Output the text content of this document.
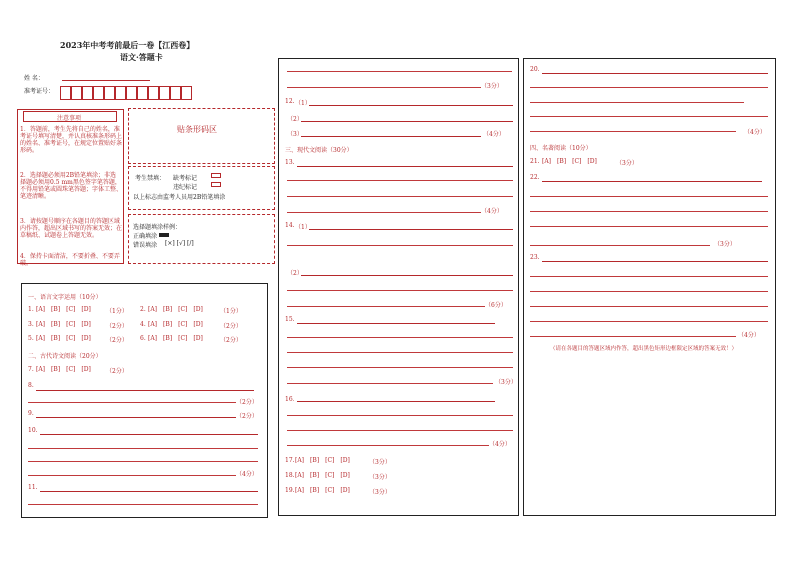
2023年中考考前最后一卷【江西卷】
语文·答题卡
姓 名：
准考证号：
注意事项
1．答题前，考生先将自己的姓名，准考证号填写清楚，并认真核准条形码上的姓名、准考证号，在规定位置贴好条形码。
2．选择题必须用2B铅笔填涂；非选择题必须用0.5 mm黑色签字笔答题，不得用铅笔或圆珠笔答题；字体工整、笔迹清晰。
3．请按题号顺序在各题目的答题区域内作答，超出区域书写的答案无效；在草稿纸、试题卷上答题无效。
4．保持卡面清洁，不要折叠、不要弄破。
贴条形码区
考生禁填： 缺考标记
违纪标记
以上标志由监考人员用2B铅笔填涂
选择题填涂样例：
正确填涂
错误填涂 [×] [√] [/]
一、语言文字运用（10分）
1. [A] [B] [C] [D]	（1分） 2. [A] [B] [C] [D]	（1分）
3. [A] [B] [C] [D]	（2分） 4. [A] [B] [C] [D]	（2分）
5. [A] [B] [C] [D]	（2分） 6. [A] [B] [C] [D]	（2分）
二、古代诗文阅读（20分）
7. [A] [B] [C] [D]	（2分）
8.
（2分）
9.	（2分）
10.
（4分）
11.
（3分）
12. （1）
（2）
（3）	（4分）
三、现代文阅读（30分）
13.
（4分）
14. （1）
（2）
（6分）
15.
（3分）
16．
（4分）
17. [A] [B] [C] [D]	（3分）
18. [A] [B] [C] [D]	（3分）
19. [A] [B] [C] [D]	（3分）
20.
（4分）
四、名著阅读（10分）
21. [A] [B] [C] [D]	（3分）
22.
（3分）
23.
（4分）
（请在各题目的答题区域内作答，超出黑色矩形边框限定区域的答案无效！）
